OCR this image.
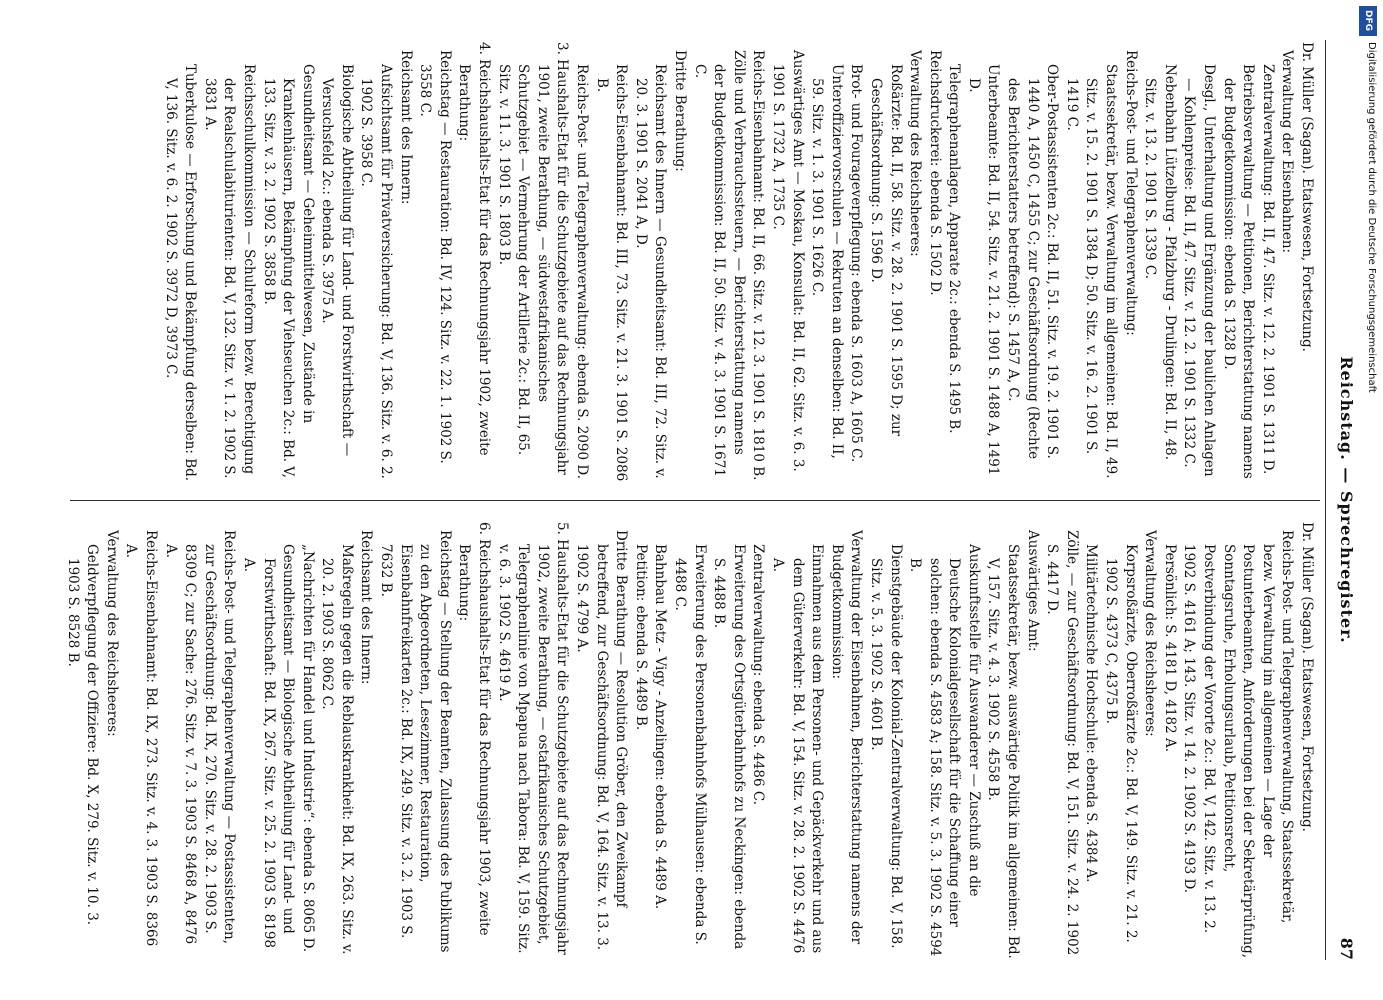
Reichstag. — Sprechregister.
87

Dr. Müller (Sagan). Etatswesen, Fortsetzung.

Verwaltung der Eisenbahnen:

Zentralverwaltung: Bd. II, 47. Sitz. v. 12. 2. 1901 S. 1311 D.

Betriebsverwaltung — Petitionen, Berichterstattung namens der Budgetkommission: ebenda S. 1328 D.

Desgl., Unterhaltung und Ergänzung der baulichen Anlagen — Kohlenpreise: Bd. II, 47. Sitz. v. 12. 2. 1901 S. 1332 C.

Nebenbahn Lützelburg - Pfalzburg - Drulingen: Bd. II, 48. Sitz. v. 13. 2. 1901 S. 1339 C.

Reichs-Post- und Telegraphenverwaltung:

Staatssekretär, bezw. Verwaltung im allgemeinen: Bd. II, 49. Sitz. v. 15. 2. 1901 S. 1384 D; 50. Sitz. v. 16. 2. 1901 S. 1419 C.

Ober-Postassistenten 2c.: Bd. II, 51. Sitz. v. 19. 2. 1901 S. 1440 A, 1450 C, 1455 C; zur Geschäftsordnung (Rechte des Berichterstatters betreffend): S. 1457 A, C.

Unterbeamte: Bd. II, 54. Sitz. v. 21. 2. 1901 S. 1488 A, 1491 D.

Telegraphenanlagen, Apparate 2c.: ebenda S. 1495 B.

Reichsdruckerei: ebenda S. 1502 D.

Verwaltung des Reichsheeres:

Roßärzte: Bd. II, 58. Sitz. v. 28. 2. 1901 S. 1595 D; zur Geschäftsordnung: S. 1596 D.

Brot- und Fourageverpflegung: ebenda S. 1603 A, 1605 C.

Unteroffiziervorschulen — Rekruten an denselben: Bd. II, 59. Sitz. v. 1. 3. 1901 S. 1626 C.

Auswärtiges Amt — Moskau, Konsulat: Bd. II, 62. Sitz. v. 6. 3. 1901 S. 1732 A, 1735 C.

Reichs-Eisenbahnamt: Bd. II, 66. Sitz. v. 12. 3. 1901 S. 1810 B.

Zölle und Verbrauchssteuern, — Berichterstattung namens der Budgetkommission: Bd. II, 50. Sitz. v. 4. 3. 1901 S. 1671 C.

Dritte Berathung:

Reichsamt des Innern — Gesundheitsamt: Bd. III, 72. Sitz. v. 20. 3. 1901 S. 2041 A, D.

Reichs-Eisenbahnamt: Bd. III, 73. Sitz. v. 21. 3. 1901 S. 2086 B.

Reichs-Post- und Telegraphenverwaltung: ebenda S. 2090 D.

3. Haushalts-Etat für die Schutzgebiete auf das Rechnungsjahr 1901, zweite Berathung, — südwestafrikanisches Schutzgebiet — Vermehrung der Artillerie 2c.: Bd. II, 65. Sitz. v. 11. 3. 1901 S. 1803 B.

4. Reichshaushalts-Etat für das Rechnungsjahr 1902, zweite Berathung:

Reichstag — Restauration: Bd. IV, 124. Sitz. v. 22. 1. 1902 S. 3558 C.

Reichsamt des Innern:

Aufsichtsamt für Privatversicherung: Bd. V, 136. Sitz. v. 6. 2. 1902 S. 3958 C.

Biologische Abtheilung für Land- und Forstwirthschaft — Versuchsfeld 2c.: ebenda S. 3975 A.

Gesundheitsamt — Geheimmittelwesen, Zustände in Krankenhäusern, Bekämpfung der Viehseuchen 2c.: Bd. V, 133. Sitz. v. 3. 2. 1902 S. 3858 B.

Reichsschulkommission — Schulreform bezw. Berechtigung der Realschulabiturienten: Bd. V, 132. Sitz. v. 1. 2. 1902 S. 3831 A.

Tuberkulose — Erforschung und Bekämpfung derselben: Bd. V, 136. Sitz. v. 6. 2. 1902 S. 3972 D, 3973 C.

Dr. Müller (Sagan). Etatswesen, Fortsetzung.

Reichs-Post- und Telegraphenverwaltung, Staatssekretär, bezw. Verwaltung im allgemeinen — Lage der Postunterbeamten, Anforderungen bei der Sekretärprüfung, Sonntagsruhe, Erholungsurlaub, Petitionsrecht, Postverbindung der Vororte 2c.: Bd. V, 142. Sitz. v. 13. 2. 1902 S. 4161 A; 143. Sitz. v. 14. 2. 1902 S. 4193 D.

Persönlich: S. 4181 D, 4182 A.

Verwaltung des Reichsheeres:

Korpsroßärzte, Oberroßärzte 2c.: Bd. V, 149. Sitz. v. 21. 2. 1902 S. 4373 C, 4375 B.

Militärtechnische Hochschule: ebenda S. 4384 A.

Zölle, — zur Geschäftsordnung: Bd. V, 151. Sitz. v. 24. 2. 1902 S. 4417 D.

Auswärtiges Amt:

Staatssekretär, bezw. auswärtige Politik im allgemeinen: Bd. V, 157. Sitz. v. 4. 3. 1902 S. 4558 B.

Auskunftsstelle für Auswanderer — Zuschuß an die Deutsche Kolonialgesellschaft für die Schaffung einer solchen: ebenda S. 4583 A; 158. Sitz. v. 5. 3. 1902 S. 4594 B.

Dienstgebäude der Kolonial-Zentralverwaltung: Bd. V, 158. Sitz. v. 5. 3. 1902 S. 4601 B.

Verwaltung der Eisenbahnen, Berichterstattung namens der Budgetkommission:

Einnahmen aus dem Personen- und Gepäckverkehr und aus dem Güterverkehr: Bd. V, 154. Sitz. v. 28. 2. 1902 S. 4476 A.

Zentralverwaltung: ebenda S. 4486 C.

Erweiterung des Ortsgüterbahnhofs zu Neckingen: ebenda S. 4488 B.

Erweiterung des Personenbahnhofs Mülhausen: ebenda S. 4488 C.

Bahnbau Metz - Vigy - Anzelingen: ebenda S. 4489 A.

Petition: ebenda S. 4489 B.

Dritte Berathung — Resolution Gröber, den Zweikampf betreffend, zur Geschäftsordnung: Bd. V, 164. Sitz. v. 13. 3. 1902 S. 4799 A.

5. Haushalts-Etat für die Schutzgebiete auf das Rechnungsjahr 1902, zweite Berathung, — ostafrikanisches Schutzgebiet, Telegraphenlinie von Mpapua nach Tabora: Bd. V, 159. Sitz. v. 6. 3. 1902 S. 4619 A.

6. Reichshaushalts-Etat für das Rechnungsjahr 1903, zweite Berathung:

Reichstag — Stellung der Beamten, Zulassung des Publikums zu den Abgeordneten, Lesezimmer, Restauration, Eisenbahnfreikarten 2c.: Bd. IX, 249. Sitz. v. 3. 2. 1903 S. 7632 B.

Reichsamt des Innern:

Maßregeln gegen die Reblauskrankheit: Bd. IX, 263. Sitz. v. 20. 2. 1903 S. 8062 C.

„Nachrichten für Handel und Industrie“: ebenda S. 8065 D.

Gesundheitsamt — Biologische Abtheilung für Land- und Forstwirthschaft: Bd. IX, 267. Sitz. v. 25. 2. 1903 S. 8198 A.

Reichs-Post- und Telegraphenverwaltung — Postassistenten, zur Geschäftsordnung: Bd. IX, 270. Sitz. v. 28. 2. 1903 S. 8309 C; zur Sache: 276. Sitz. v. 7. 3. 1903 S. 8468 A, 8476 A.

Reichs-Eisenbahnamt: Bd. IX, 273. Sitz. v. 4. 3. 1903 S. 8366 A.

Verwaltung des Reichsheeres:

Geldverpflegung der Offiziere: Bd. X, 279. Sitz. v. 10. 3. 1903 S. 8528 B.

DFG
Digitalisierung gefördert durch die Deutsche Forschungsgemeinschaft
